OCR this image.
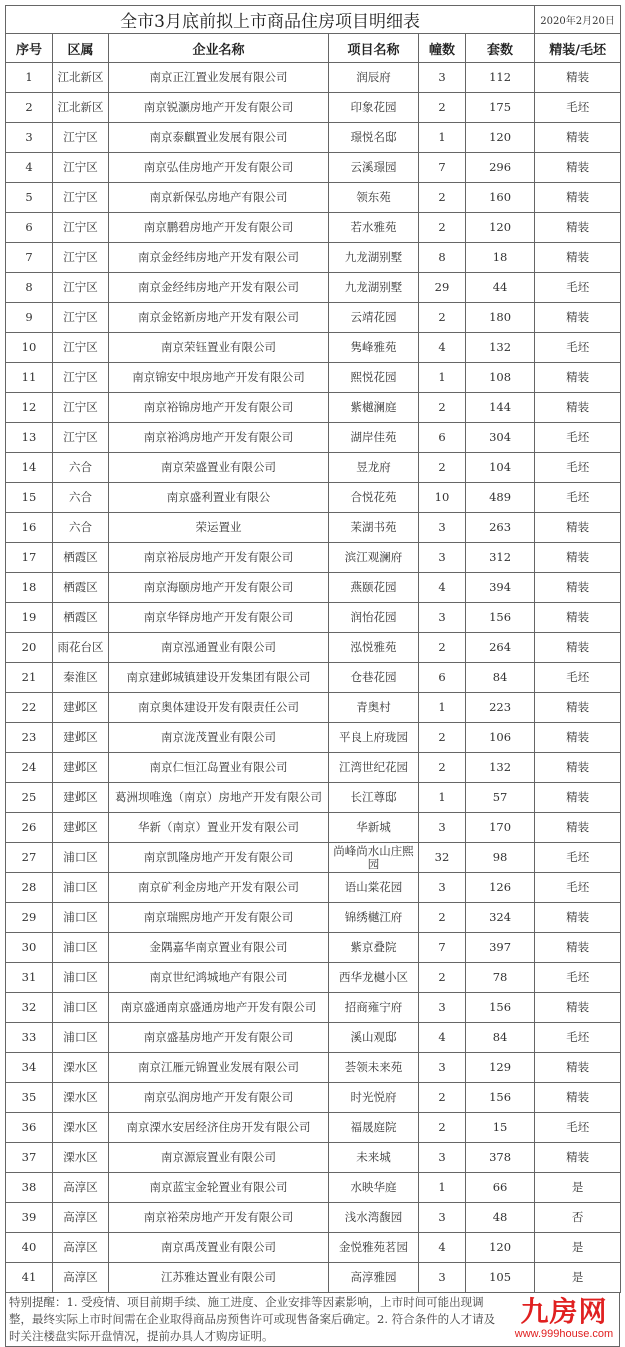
全市3月底前拟上市商品住房项目明细表						2020年2月20日
序号	区属	企业名称	项目名称	幢数	套数	精装/毛坯
1	江北新区	南京正江置业发展有限公司	润辰府	3	112	精装
2	江北新区	南京锐灏房地产开发有限公司	印象花园	2	175	毛坯
3	江宁区	南京泰麒置业发展有限公司	璟悦名邸	1	120	精装
4	江宁区	南京弘佳房地产开发有限公司	云溪璟园	7	296	精装
5	江宁区	南京新保弘房地产有限公司	领东苑	2	160	精装
6	江宁区	南京鹏碧房地产开发有限公司	若水雅苑	2	120	精装
7	江宁区	南京金经纬房地产开发有限公司	九龙湖别墅	8	18	精装
8	江宁区	南京金经纬房地产开发有限公司	九龙湖别墅	29	44	毛坯
9	江宁区	南京金铭新房地产开发有限公司	云靖花园	2	180	精装
10	江宁区	南京荣钰置业有限公司	隽峰雅苑	4	132	毛坯
11	江宁区	南京锦安中垠房地产开发有限公司	熙悦花园	1	108	精装
12	江宁区	南京裕锦房地产开发有限公司	紫樾澜庭	2	144	精装
13	江宁区	南京裕鸿房地产开发有限公司	湖岸佳苑	6	304	毛坯
14	六合	南京荣盛置业有限公司	昱龙府	2	104	毛坯
15	六合	南京盛利置业有限公	合悦花苑	10	489	毛坯
16	六合	荣运置业	茉湖书苑	3	263	精装
17	栖霞区	南京裕辰房地产开发有限公司	滨江观澜府	3	312	精装
18	栖霞区	南京海颐房地产开发有限公司	燕颐花园	4	394	精装
19	栖霞区	南京华铎房地产开发有限公司	润怡花园	3	156	精装
20	雨花台区	南京泓通置业有限公司	泓悦雅苑	2	264	精装
21	秦淮区	南京建邺城镇建设开发集团有限公司	仓巷花园	6	84	毛坯
22	建邺区	南京奥体建设开发有限责任公司	青奥村	1	223	精装
23	建邺区	南京泷茂置业有限公司	平良上府珑园	2	106	精装
24	建邺区	南京仁恒江岛置业有限公司	江湾世纪花园	2	132	精装
25	建邺区	葛洲坝唯逸（南京）房地产开发有限公司	长江尊邸	1	57	精装
26	建邺区	华新（南京）置业开发有限公司	华新城	3	170	精装
27	浦口区	南京凯隆房地产开发有限公司	尚峰尚水山庄熙园	32	98	毛坯
28	浦口区	南京矿利金房地产开发有限公司	语山棠花园	3	126	毛坯
29	浦口区	南京瑞熙房地产开发有限公司	锦绣樾江府	2	324	精装
30	浦口区	金隅嘉华南京置业有限公司	紫京叠院	7	397	精装
31	浦口区	南京世纪鸿城地产有限公司	西华龙樾小区	2	78	毛坯
32	浦口区	南京盛通南京盛通房地产开发有限公司	招商雍宁府	3	156	精装
33	浦口区	南京盛基房地产开发有限公司	溪山观邸	4	84	毛坯
34	溧水区	南京江雁元锦置业发展有限公司	荟领未来苑	3	129	精装
35	溧水区	南京弘润房地产开发有限公司	时光悦府	2	156	精装
36	溧水区	南京溧水安居经济住房开发有限公司	福晟庭院	2	15	毛坯
37	溧水区	南京源宸置业有限公司	未来城	3	378	精装
38	高淳区	南京蓝宝金轮置业有限公司	水映华庭	1	66	是
39	高淳区	南京裕荣房地产开发有限公司	浅水湾馥园	3	48	否
40	高淳区	南京禹茂置业有限公司	金悦雅苑茗园	4	120	是
41	高淳区	江苏雅达置业有限公司	高淳雅园	3	105	是
特别提醒：1. 受疫情、项目前期手续、施工进度、企业安排等因素影响，上市时间可能出现调整，最终实际上市时间需在企业取得商品房预售许可或现售备案后确定。2. 符合条件的人才请及时关注楼盘实际开盘情况，提前办具人才购房证明。
九房网
www.999house.com
